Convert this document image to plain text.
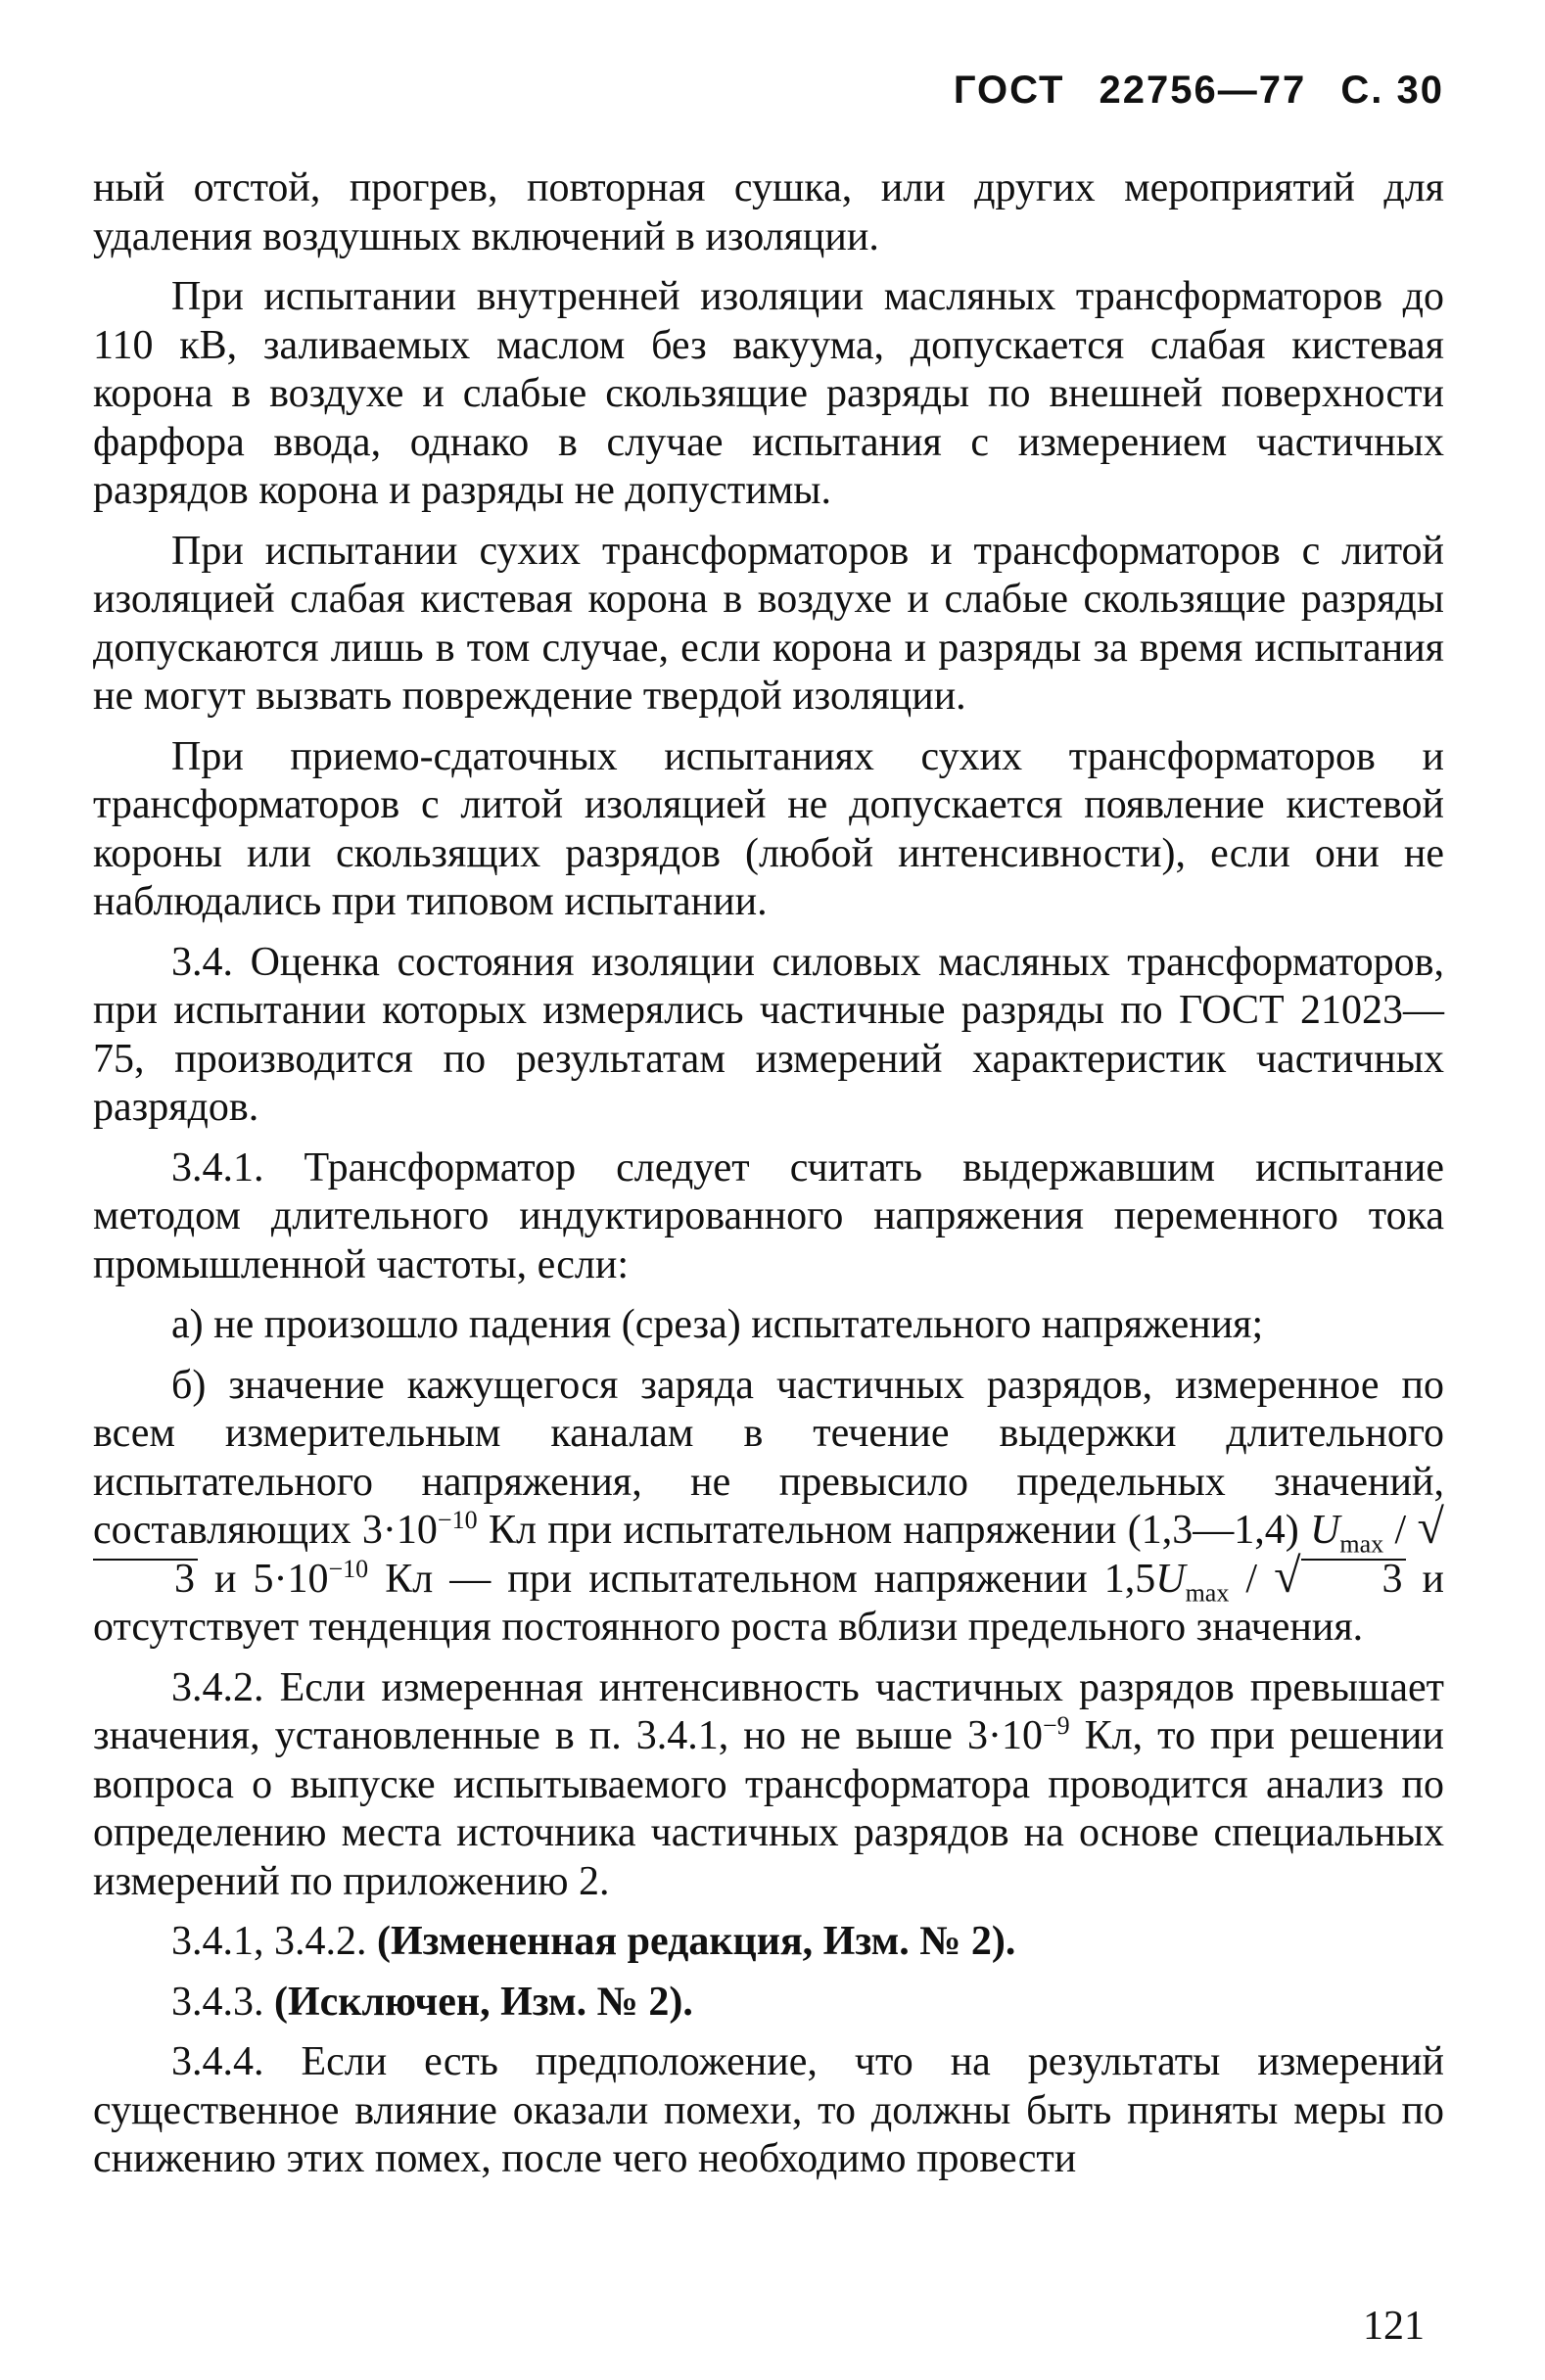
ГОСТ 22756—77 С. 30

ный отстой, прогрев, повторная сушка, или других мероприятий для удаления воздушных включений в изоляции.

При испытании внутренней изоляции масляных трансформаторов до 110 кВ, заливаемых маслом без вакуума, допускается слабая кистевая корона в воздухе и слабые скользящие разряды по внешней поверхности фарфора ввода, однако в случае испытания с измерением частичных разрядов корона и разряды не допустимы.

При испытании сухих трансформаторов и трансформаторов с литой изоляцией слабая кистевая корона в воздухе и слабые скользящие разряды допускаются лишь в том случае, если корона и разряды за время испытания не могут вызвать повреждение твердой изоляции.

При приемо-сдаточных испытаниях сухих трансформаторов и трансформаторов с литой изоляцией не допускается появление кистевой короны или скользящих разрядов (любой интенсивности), если они не наблюдались при типовом испытании.

3.4. Оценка состояния изоляции силовых масляных трансформаторов, при испытании которых измерялись частичные разряды по ГОСТ 21023—75, производится по результатам измерений характеристик частичных разрядов.

3.4.1. Трансформатор следует считать выдержавшим испытание методом длительного индуктированного напряжения переменного тока промышленной частоты, если:

а) не произошло падения (среза) испытательного напряжения;

б) значение кажущегося заряда частичных разрядов, измеренное по всем измерительным каналам в течение выдержки длительного испытательного напряжения, не превысило предельных значений, составляющих $3\cdot 10^{-10}$ Кл при испытательном напряжении (1,3—1,4) $U_{max} / √3$ и $5\cdot 10^{-10}$ Кл — при испытательном напряжении $1,5U_{max}$ / √ 3 и отсутствует тенденция постоянного роста вблизи предельного значения.

3.4.2. Если измеренная интенсивность частичных разрядов превышает значения, установленные в п. 3.4.1, но не выше $3\cdot 10^{-9}$ Кл, то при решении вопроса о выпуске испытываемого трансформатора проводится анализ по определению места источника частичных разрядов на основе специальных измерений по приложению 2.

3.4.1, 3.4.2. (Измененная редакция, Изм. № 2).

3.4.3. (Исключен, Изм. № 2).

3.4.4. Если есть предположение, что на результаты измерений существенное влияние оказали помехи, то должны быть приняты меры по снижению этих помех, после чего необходимо провести

121
